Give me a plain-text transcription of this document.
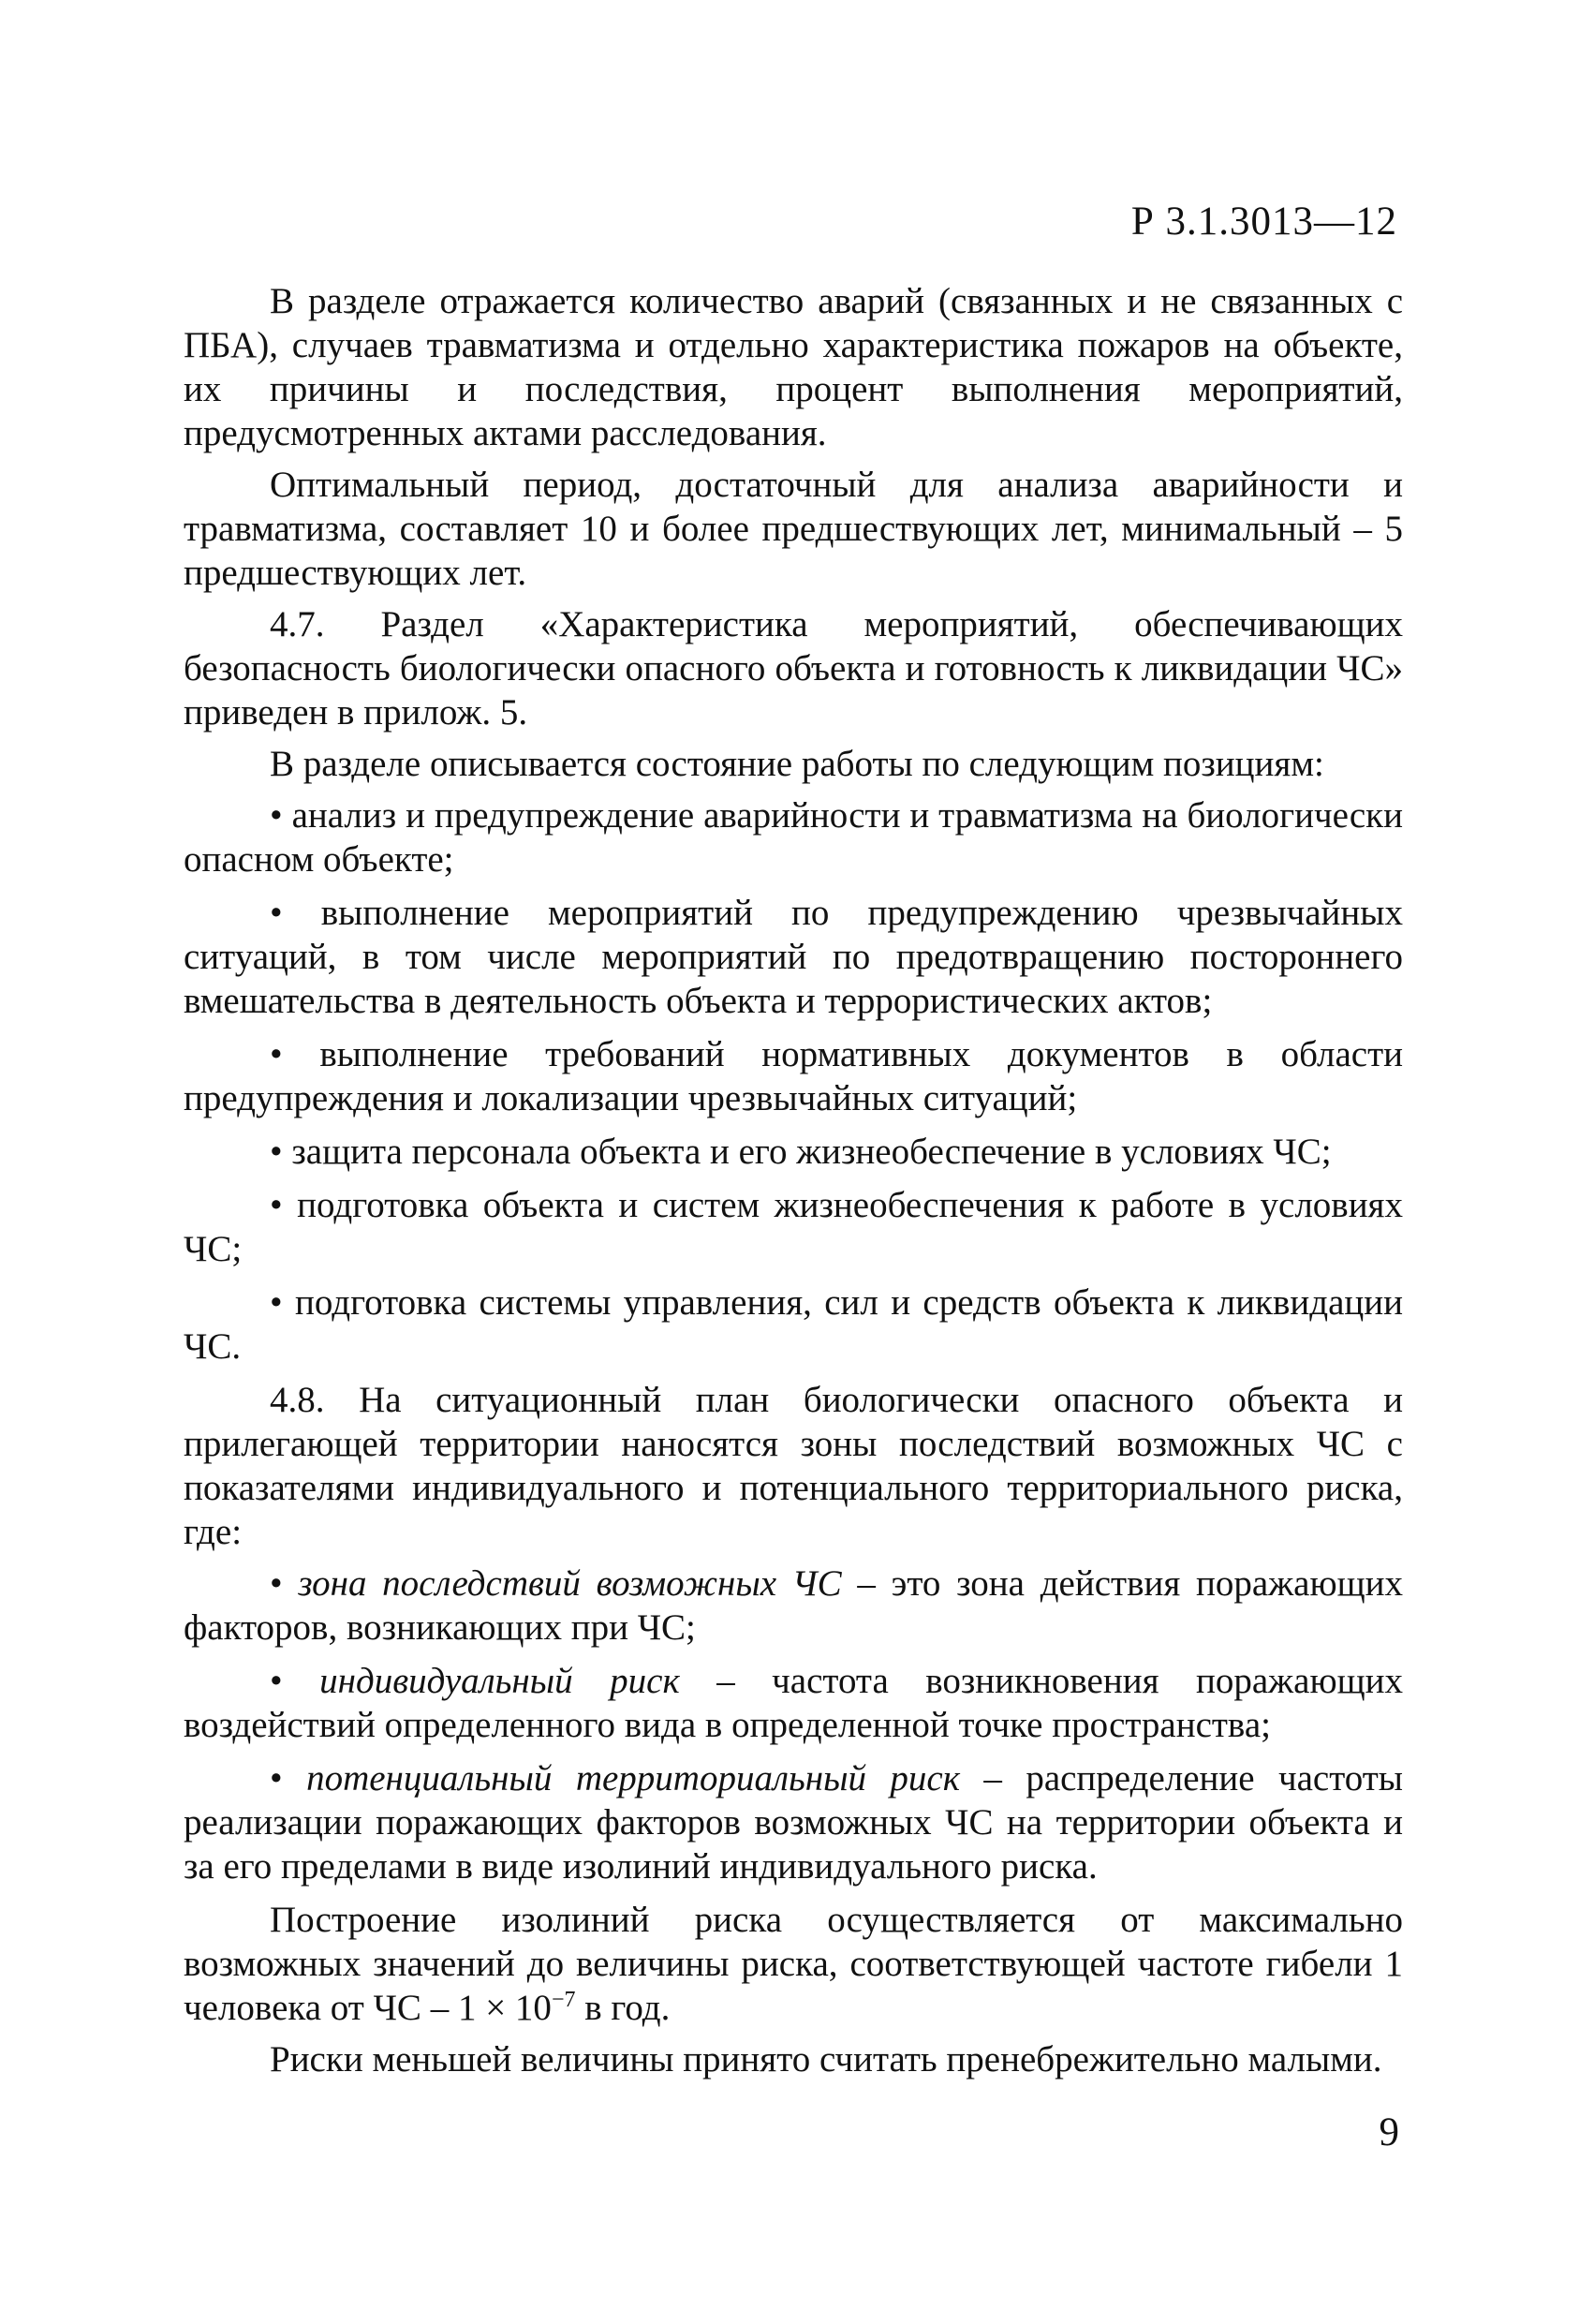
Р 3.1.3013—12

В разделе отражается количество аварий (связанных и не связанных с ПБА), случаев травматизма и отдельно характеристика пожаров на объекте, их причины и последствия, процент выполнения мероприятий, предусмотренных актами расследования.

Оптимальный период, достаточный для анализа аварийности и травматизма, составляет 10 и более предшествующих лет, минимальный – 5 предшествующих лет.

4.7. Раздел «Характеристика мероприятий, обеспечивающих безопасность биологически опасного объекта и готовность к ликвидации ЧС» приведен в прилож. 5.

В разделе описывается состояние работы по следующим позициям:

• анализ и предупреждение аварийности и травматизма на биологически опасном объекте;

• выполнение мероприятий по предупреждению чрезвычайных ситуаций, в том числе мероприятий по предотвращению постороннего вмешательства в деятельность объекта и террористических актов;

• выполнение требований нормативных документов в области предупреждения и локализации чрезвычайных ситуаций;

• защита персонала объекта и его жизнеобеспечение в условиях ЧС;

• подготовка объекта и систем жизнеобеспечения к работе в условиях ЧС;

• подготовка системы управления, сил и средств объекта к ликвидации ЧС.

4.8. На ситуационный план биологически опасного объекта и прилегающей территории наносятся зоны последствий возможных ЧС с показателями индивидуального и потенциального территориального риска, где:

• зона последствий возможных ЧС – это зона действия поражающих факторов, возникающих при ЧС;

• индивидуальный риск – частота возникновения поражающих воздействий определенного вида в определенной точке пространства;

• потенциальный территориальный риск – распределение частоты реализации поражающих факторов возможных ЧС на территории объекта и за его пределами в виде изолиний индивидуального риска.

Построение изолиний риска осуществляется от максимально возможных значений до величины риска, соответствующей частоте гибели 1 человека от ЧС – $1 \times 10^{-7}$ в год.

Риски меньшей величины принято считать пренебрежительно малыми.

9
